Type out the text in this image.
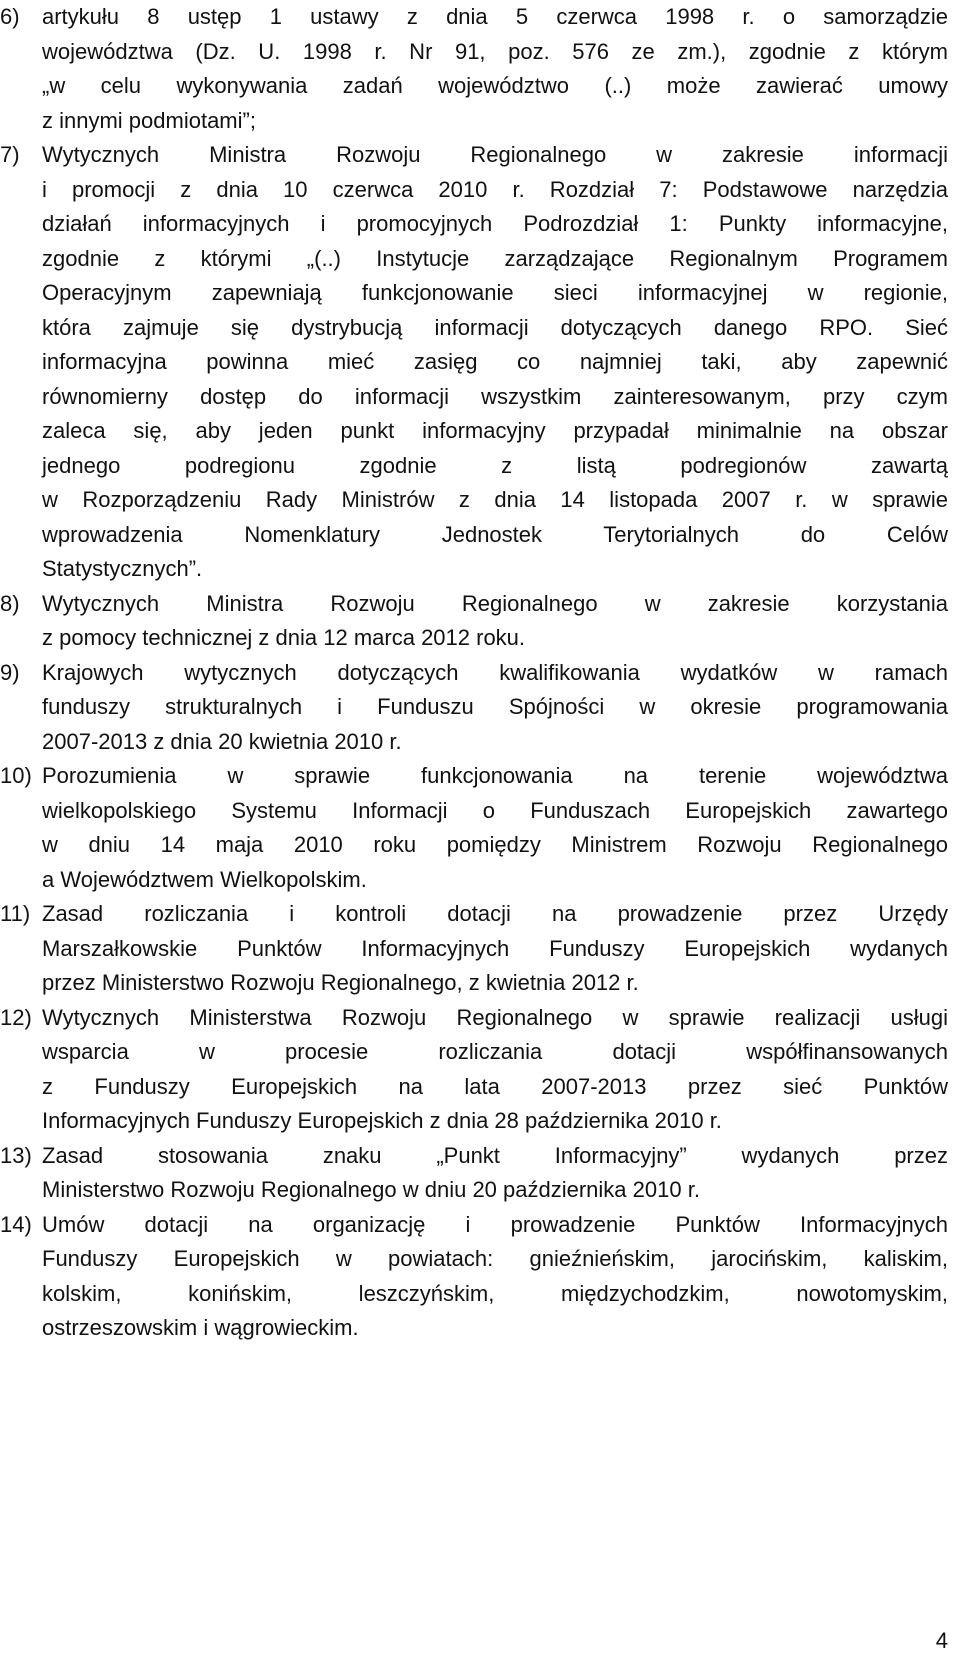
6)	artykułu 8 ustęp 1 ustawy z dnia 5 czerwca 1998 r. o samorządzie
województwa (Dz. U. 1998 r. Nr 91, poz. 576 ze zm.), zgodnie z którym
„w celu wykonywania zadań województwo (..) może zawierać umowy
z innymi podmiotami”;
7)	Wytycznych Ministra Rozwoju Regionalnego w zakresie informacji
i promocji z dnia 10 czerwca 2010 r. Rozdział 7: Podstawowe narzędzia
działań informacyjnych i promocyjnych Podrozdział 1: Punkty informacyjne,
zgodnie z którymi „(..) Instytucje zarządzające Regionalnym Programem
Operacyjnym zapewniają funkcjonowanie sieci informacyjnej w regionie,
która zajmuje się dystrybucją informacji dotyczących danego RPO. Sieć
informacyjna powinna mieć zasięg co najmniej taki, aby zapewnić
równomierny dostęp do informacji wszystkim zainteresowanym, przy czym
zaleca się, aby jeden punkt informacyjny przypadał minimalnie na obszar
jednego podregionu zgodnie z listą podregionów zawartą
w Rozporządzeniu Rady Ministrów z dnia 14 listopada 2007 r. w sprawie
wprowadzenia Nomenklatury Jednostek Terytorialnych do Celów
Statystycznych”.
8)	Wytycznych Ministra Rozwoju Regionalnego w zakresie korzystania
z pomocy technicznej z dnia 12 marca 2012 roku.
9)	Krajowych wytycznych dotyczących kwalifikowania wydatków w ramach
funduszy strukturalnych i Funduszu Spójności w okresie programowania
2007-2013 z dnia 20 kwietnia 2010 r.
10) Porozumienia w sprawie funkcjonowania na terenie województwa
wielkopolskiego Systemu Informacji o Funduszach Europejskich zawartego
w dniu 14 maja 2010 roku pomiędzy Ministrem Rozwoju Regionalnego
a Województwem Wielkopolskim.
11) Zasad rozliczania i kontroli dotacji na prowadzenie przez Urzędy
Marszałkowskie Punktów Informacyjnych Funduszy Europejskich wydanych
przez Ministerstwo Rozwoju Regionalnego, z kwietnia 2012 r.
12) Wytycznych Ministerstwa Rozwoju Regionalnego w sprawie realizacji usługi
wsparcia w procesie rozliczania dotacji współfinansowanych
z Funduszy Europejskich na lata 2007-2013 przez sieć Punktów
Informacyjnych Funduszy Europejskich z dnia 28 października 2010 r.
13) Zasad stosowania znaku „Punkt Informacyjny” wydanych przez
Ministerstwo Rozwoju Regionalnego w dniu 20 października 2010 r.
14) Umów dotacji na organizację i prowadzenie Punktów Informacyjnych
Funduszy Europejskich w powiatach: gnieźnieńskim, jarocińskim, kaliskim,
kolskim, konińskim, leszczyńskim, międzychodzkim, nowotomyskim,
ostrzeszowskim i wągrowieckim.
4
